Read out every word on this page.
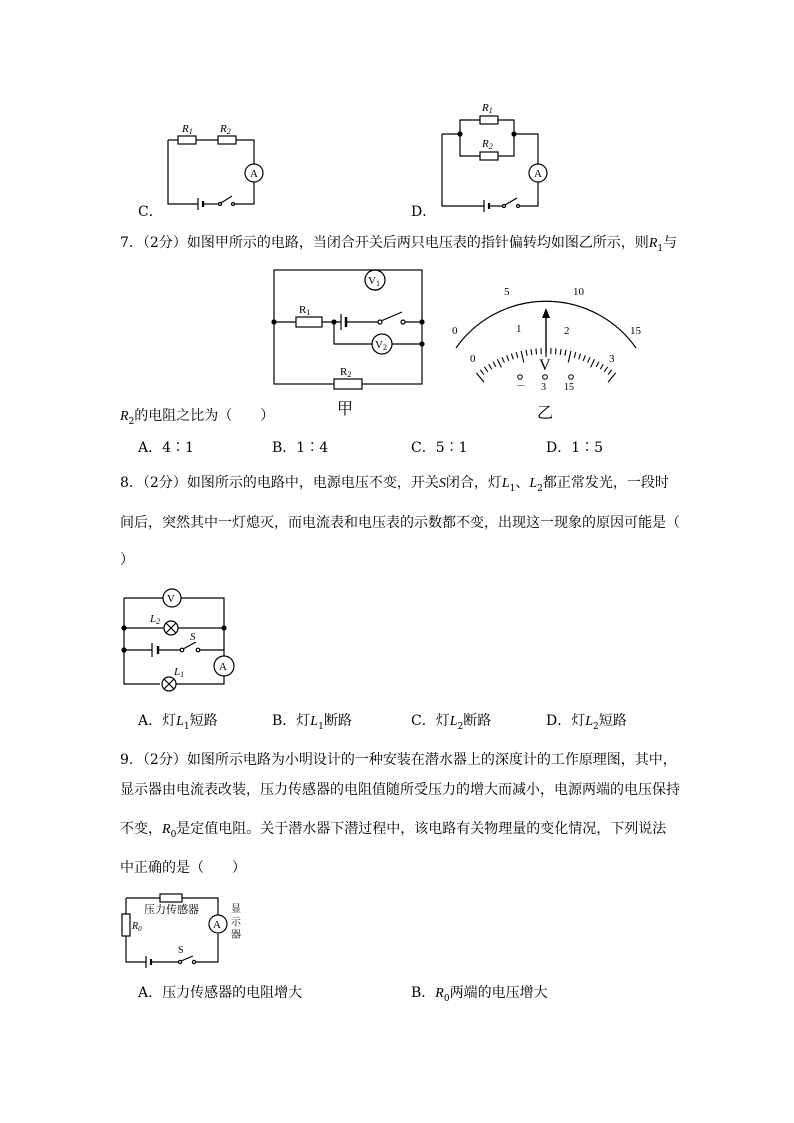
C．
R1 R2
A
D．
R1
R2
A
7．（2分）如图甲所示的电路，当闭合开关后两只电压表的指针偏转均如图乙所示，则$R_1$与
V1
R1
V2
R2
甲
0
5	10
15
0
1	2
3
V
－ 3 15
乙
$R_2$的电阻之比为（　　）
A．4∶1	B．1∶4	C．5∶1	D．1∶5
8．（2分）如图所示的电路中，电源电压不变，开关S闭合，灯$L_1$、$L_2$都正常发光，一段时
间后，突然其中一灯熄灭，而电流表和电压表的示数都不变，出现这一现象的原因可能是（
）
V
A
L2
L1
S
A．灯$L_1$短路	B．灯$L_1$断路	C．灯$L_2$断路	D．灯$L_2$短路
9．（2分）如图所示电路为小明设计的一种安装在潜水器上的深度计的工作原理图，其中，
显示器由电流表改装，压力传感器的电阻值随所受压力的增大而减小，电源两端的电压保持
不变，$R_0$是定值电阻。关于潜水器下潜过程中，该电路有关物理量的变化情况，下列说法
中正确的是（　　）
压力传感器
$R_0$	A
S
显
示
器
A．压力传感器的电阻增大	B．$R_0$两端的电压增大
